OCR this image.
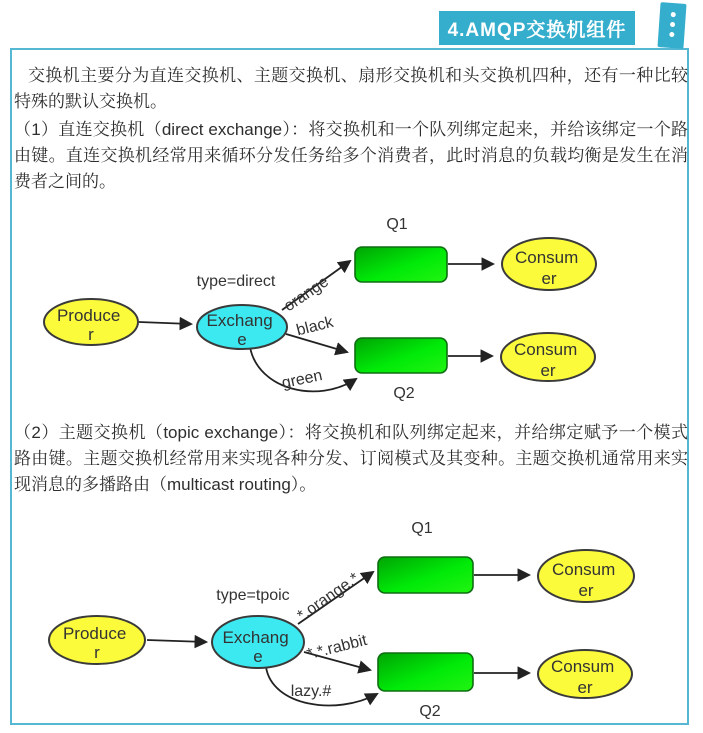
4.AMQP交换机组件

交换机主要分为直连交换机、主题交换机、扇形交换机和头交换机四种，还有一种比较特殊的默认交换机。

（1）直连交换机（direct exchange）：将交换机和一个队列绑定起来，并给该绑定一个路由键。直连交换机经常用来循环分发任务给多个消费者，此时消息的负载均衡是发生在消费者之间的。

（2）主题交换机（topic exchange）：将交换机和队列绑定起来，并给绑定赋予一个模式路由键。主题交换机经常用来实现各种分发、订阅模式及其变种。主题交换机通常用来实现消息的多播路由（multicast routing）。

type=direct
Produce r
Exchang e
orange
black
green
Q1
Q2
Consum er
Consum er
type=tpoic
Produce r
Exchang e
*.orange.*
*.*.rabbit
lazy.#
Q1
Q2
Consum er
Consum er
